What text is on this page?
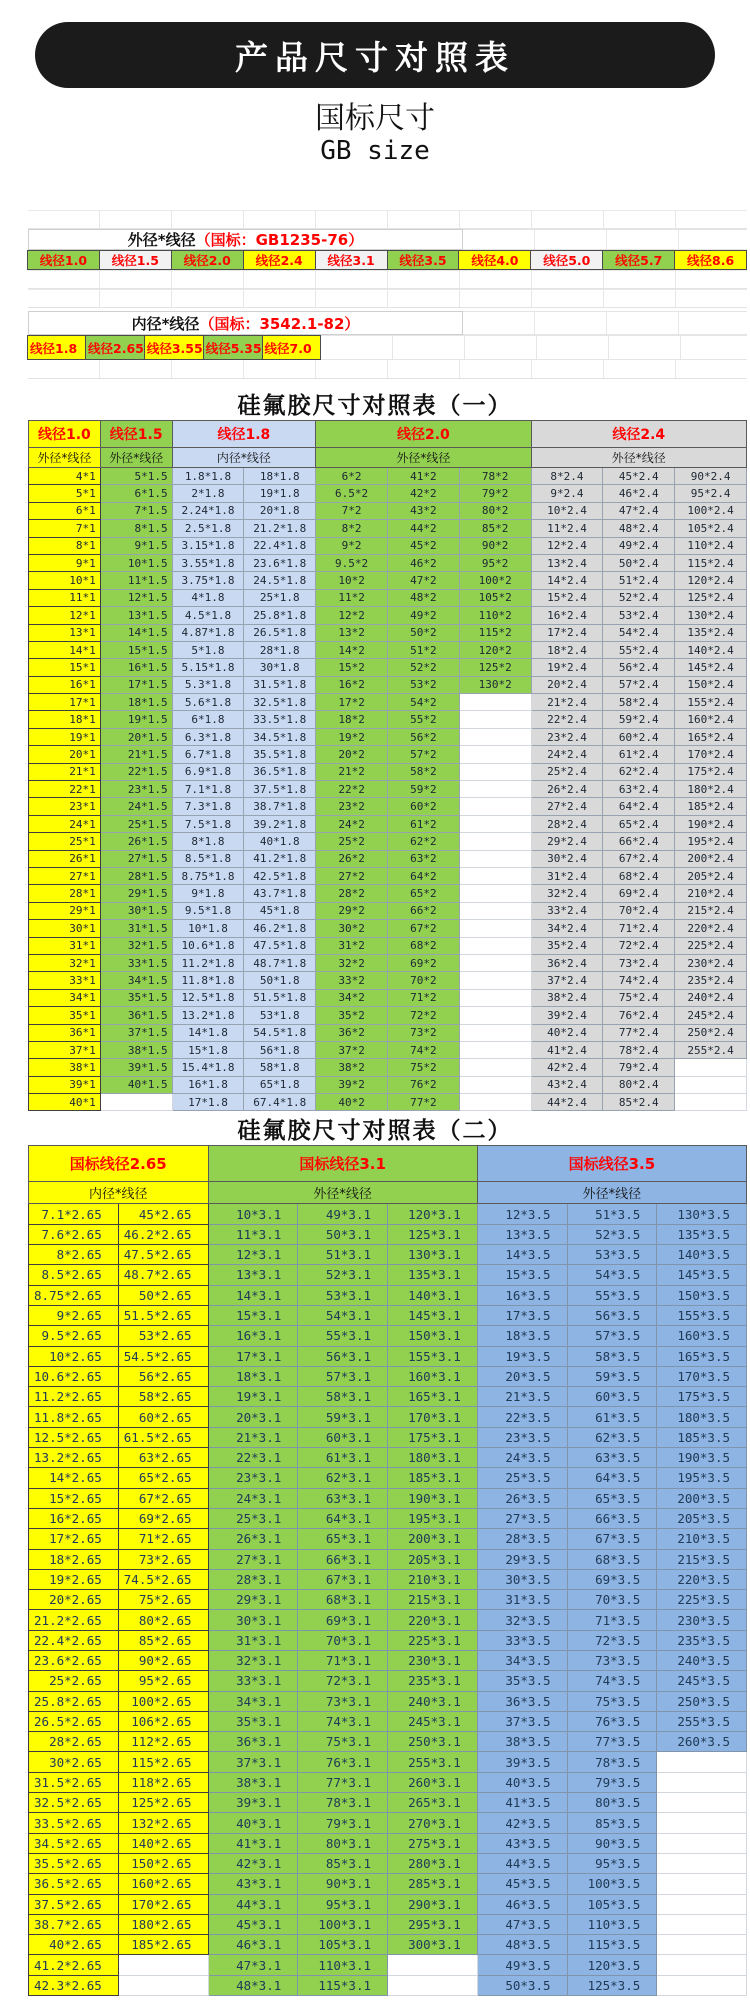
产品尺寸对照表
国标尺寸
GB size
外径*线径 （国标：GB1235-76）
线径1.0	线径1.5	线径2.0	线径2.4	线径3.1	线径3.5	线径4.0	线径5.0	线径5.7	线径8.6
内径*线径 （国标：3542.1-82）
线径1.8 线径2.65 线径3.55 线径5.35 线径7.0
硅氟胶尺寸对照表（一）
线径1.0	线径1.5	线径1.8		线径2.0			线径2.4		
外径*线径	外径*线径	内径*线径		外径*线径			外径*线径		
4*1	5*1.5	1.8*1.8	18*1.8	6*2	41*2	78*2	8*2.4	45*2.4	90*2.4
5*1	6*1.5	2*1.8	19*1.8	6.5*2	42*2	79*2	9*2.4	46*2.4	95*2.4
6*1	7*1.5	2.24*1.8	20*1.8	7*2	43*2	80*2	10*2.4	47*2.4	100*2.4
7*1	8*1.5	2.5*1.8	21.2*1.8	8*2	44*2	85*2	11*2.4	48*2.4	105*2.4
8*1	9*1.5	3.15*1.8	22.4*1.8	9*2	45*2	90*2	12*2.4	49*2.4	110*2.4
9*1	10*1.5	3.55*1.8	23.6*1.8	9.5*2	46*2	95*2	13*2.4	50*2.4	115*2.4
10*1	11*1.5	3.75*1.8	24.5*1.8	10*2	47*2	100*2	14*2.4	51*2.4	120*2.4
11*1	12*1.5	4*1.8	25*1.8	11*2	48*2	105*2	15*2.4	52*2.4	125*2.4
12*1	13*1.5	4.5*1.8	25.8*1.8	12*2	49*2	110*2	16*2.4	53*2.4	130*2.4
13*1	14*1.5	4.87*1.8	26.5*1.8	13*2	50*2	115*2	17*2.4	54*2.4	135*2.4
14*1	15*1.5	5*1.8	28*1.8	14*2	51*2	120*2	18*2.4	55*2.4	140*2.4
15*1	16*1.5	5.15*1.8	30*1.8	15*2	52*2	125*2	19*2.4	56*2.4	145*2.4
16*1	17*1.5	5.3*1.8	31.5*1.8	16*2	53*2	130*2	20*2.4	57*2.4	150*2.4
17*1	18*1.5	5.6*1.8	32.5*1.8	17*2	54*2		21*2.4	58*2.4	155*2.4
18*1	19*1.5	6*1.8	33.5*1.8	18*2	55*2		22*2.4	59*2.4	160*2.4
19*1	20*1.5	6.3*1.8	34.5*1.8	19*2	56*2		23*2.4	60*2.4	165*2.4
20*1	21*1.5	6.7*1.8	35.5*1.8	20*2	57*2		24*2.4	61*2.4	170*2.4
21*1	22*1.5	6.9*1.8	36.5*1.8	21*2	58*2		25*2.4	62*2.4	175*2.4
22*1	23*1.5	7.1*1.8	37.5*1.8	22*2	59*2		26*2.4	63*2.4	180*2.4
23*1	24*1.5	7.3*1.8	38.7*1.8	23*2	60*2		27*2.4	64*2.4	185*2.4
24*1	25*1.5	7.5*1.8	39.2*1.8	24*2	61*2		28*2.4	65*2.4	190*2.4
25*1	26*1.5	8*1.8	40*1.8	25*2	62*2		29*2.4	66*2.4	195*2.4
26*1	27*1.5	8.5*1.8	41.2*1.8	26*2	63*2		30*2.4	67*2.4	200*2.4
27*1	28*1.5	8.75*1.8	42.5*1.8	27*2	64*2		31*2.4	68*2.4	205*2.4
28*1	29*1.5	9*1.8	43.7*1.8	28*2	65*2		32*2.4	69*2.4	210*2.4
29*1	30*1.5	9.5*1.8	45*1.8	29*2	66*2		33*2.4	70*2.4	215*2.4
30*1	31*1.5	10*1.8	46.2*1.8	30*2	67*2		34*2.4	71*2.4	220*2.4
31*1	32*1.5	10.6*1.8	47.5*1.8	31*2	68*2		35*2.4	72*2.4	225*2.4
32*1	33*1.5	11.2*1.8	48.7*1.8	32*2	69*2		36*2.4	73*2.4	230*2.4
33*1	34*1.5	11.8*1.8	50*1.8	33*2	70*2		37*2.4	74*2.4	235*2.4
34*1	35*1.5	12.5*1.8	51.5*1.8	34*2	71*2		38*2.4	75*2.4	240*2.4
35*1	36*1.5	13.2*1.8	53*1.8	35*2	72*2		39*2.4	76*2.4	245*2.4
36*1	37*1.5	14*1.8	54.5*1.8	36*2	73*2		40*2.4	77*2.4	250*2.4
37*1	38*1.5	15*1.8	56*1.8	37*2	74*2		41*2.4	78*2.4	255*2.4
38*1	39*1.5	15.4*1.8	58*1.8	38*2	75*2		42*2.4	79*2.4	
39*1	40*1.5	16*1.8	65*1.8	39*2	76*2		43*2.4	80*2.4	
40*1		17*1.8	67.4*1.8	40*2	77*2		44*2.4	85*2.4	
硅氟胶尺寸对照表（二）
国标线径2.65		国标线径3.1			国标线径3.5		
内径*线径		外径*线径			外径*线径		
7.1*2.65	45*2.65	10*3.1	49*3.1	120*3.1	12*3.5	51*3.5	130*3.5
7.6*2.65	46.2*2.65	11*3.1	50*3.1	125*3.1	13*3.5	52*3.5	135*3.5
8*2.65	47.5*2.65	12*3.1	51*3.1	130*3.1	14*3.5	53*3.5	140*3.5
8.5*2.65	48.7*2.65	13*3.1	52*3.1	135*3.1	15*3.5	54*3.5	145*3.5
8.75*2.65	50*2.65	14*3.1	53*3.1	140*3.1	16*3.5	55*3.5	150*3.5
9*2.65	51.5*2.65	15*3.1	54*3.1	145*3.1	17*3.5	56*3.5	155*3.5
9.5*2.65	53*2.65	16*3.1	55*3.1	150*3.1	18*3.5	57*3.5	160*3.5
10*2.65	54.5*2.65	17*3.1	56*3.1	155*3.1	19*3.5	58*3.5	165*3.5
10.6*2.65	56*2.65	18*3.1	57*3.1	160*3.1	20*3.5	59*3.5	170*3.5
11.2*2.65	58*2.65	19*3.1	58*3.1	165*3.1	21*3.5	60*3.5	175*3.5
11.8*2.65	60*2.65	20*3.1	59*3.1	170*3.1	22*3.5	61*3.5	180*3.5
12.5*2.65	61.5*2.65	21*3.1	60*3.1	175*3.1	23*3.5	62*3.5	185*3.5
13.2*2.65	63*2.65	22*3.1	61*3.1	180*3.1	24*3.5	63*3.5	190*3.5
14*2.65	65*2.65	23*3.1	62*3.1	185*3.1	25*3.5	64*3.5	195*3.5
15*2.65	67*2.65	24*3.1	63*3.1	190*3.1	26*3.5	65*3.5	200*3.5
16*2.65	69*2.65	25*3.1	64*3.1	195*3.1	27*3.5	66*3.5	205*3.5
17*2.65	71*2.65	26*3.1	65*3.1	200*3.1	28*3.5	67*3.5	210*3.5
18*2.65	73*2.65	27*3.1	66*3.1	205*3.1	29*3.5	68*3.5	215*3.5
19*2.65	74.5*2.65	28*3.1	67*3.1	210*3.1	30*3.5	69*3.5	220*3.5
20*2.65	75*2.65	29*3.1	68*3.1	215*3.1	31*3.5	70*3.5	225*3.5
21.2*2.65	80*2.65	30*3.1	69*3.1	220*3.1	32*3.5	71*3.5	230*3.5
22.4*2.65	85*2.65	31*3.1	70*3.1	225*3.1	33*3.5	72*3.5	235*3.5
23.6*2.65	90*2.65	32*3.1	71*3.1	230*3.1	34*3.5	73*3.5	240*3.5
25*2.65	95*2.65	33*3.1	72*3.1	235*3.1	35*3.5	74*3.5	245*3.5
25.8*2.65	100*2.65	34*3.1	73*3.1	240*3.1	36*3.5	75*3.5	250*3.5
26.5*2.65	106*2.65	35*3.1	74*3.1	245*3.1	37*3.5	76*3.5	255*3.5
28*2.65	112*2.65	36*3.1	75*3.1	250*3.1	38*3.5	77*3.5	260*3.5
30*2.65	115*2.65	37*3.1	76*3.1	255*3.1	39*3.5	78*3.5	
31.5*2.65	118*2.65	38*3.1	77*3.1	260*3.1	40*3.5	79*3.5	
32.5*2.65	125*2.65	39*3.1	78*3.1	265*3.1	41*3.5	80*3.5	
33.5*2.65	132*2.65	40*3.1	79*3.1	270*3.1	42*3.5	85*3.5	
34.5*2.65	140*2.65	41*3.1	80*3.1	275*3.1	43*3.5	90*3.5	
35.5*2.65	150*2.65	42*3.1	85*3.1	280*3.1	44*3.5	95*3.5	
36.5*2.65	160*2.65	43*3.1	90*3.1	285*3.1	45*3.5	100*3.5	
37.5*2.65	170*2.65	44*3.1	95*3.1	290*3.1	46*3.5	105*3.5	
38.7*2.65	180*2.65	45*3.1	100*3.1	295*3.1	47*3.5	110*3.5	
40*2.65	185*2.65	46*3.1	105*3.1	300*3.1	48*3.5	115*3.5	
41.2*2.65		47*3.1	110*3.1		49*3.5	120*3.5	
42.3*2.65		48*3.1	115*3.1		50*3.5	125*3.5	
